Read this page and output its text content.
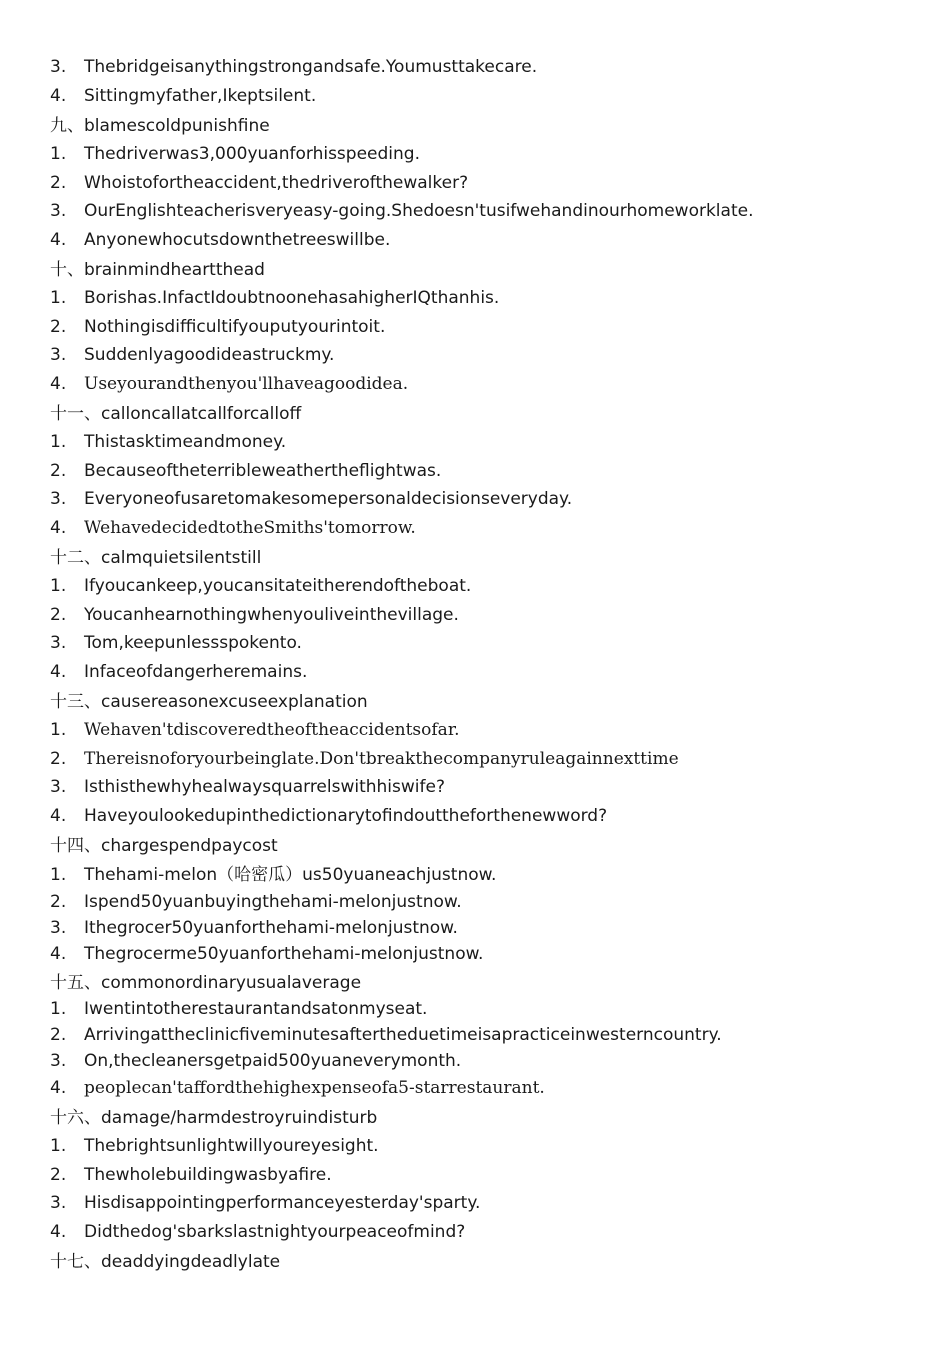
3. Thebridgeisanythingstrongandsafe.Youmusttakecare.
4. Sittingmyfather,Ikeptsilent.
九、blamescoldpunishfine
1. Thedriverwas3,000yuanforhisspeeding.
2. Whoistofortheaccident,thedriverofthewalker?
3. OurEnglishteacherisveryeasy-going.Shedoesn'tusifwehandinourhomeworklate.
4. Anyonewhocutsdownthetreeswillbe.
十、brainmindheartthead
1. Borishas.InfactIdoubtnoonehasahigherIQthanhis.
2. Nothingisdifficultifyouputyourintoit.
3. Suddenlyagoodideastruckmy.
4. Useyourandthenyou'llhaveagoodidea.
十一、calloncallatcallforcalloff
1. Thistasktimeandmoney.
2. Becauseoftheterribleweathertheflightwas.
3. Everyoneofusaretomakesomepersonaldecisionseveryday.
4. WehavedecidedtotheSmiths'tomorrow.
十二、calmquietsilentstill
1. Ifyoucankeep,youcansitateitherendoftheboat.
2. Youcanhearnothingwhenyouliveinthevillage.
3. Tom,keepunlessspokento.
4. Infaceofdangerheremains.
十三、causereasonexcuseexplanation
1. Wehaven'tdiscoveredtheoftheaccidentsofar.
2. Thereisnoforyourbeinglate.Don'tbreakthecompanyruleagainnexttime
3. Isthisthewhyhealwaysquarrelswithhiswife?
4. Haveyoulookedupinthedictionarytofindouttheforthenewword?
十四、chargespendpaycost
1. Thehami-melon（哈密瓜）us50yuaneachjustnow.
2. Ispend50yuanbuyingthehami-melonjustnow.
3. Ithegrocer50yuanforthehami-melonjustnow.
4. Thegrocerme50yuanforthehami-melonjustnow.
十五、commonordinaryusualaverage
1. Iwentintotherestaurantandsatonmyseat.
2. Arrivingattheclinicfiveminutesaftertheduetimeisapracticeinwesterncountry.
3. On,thecleanersgetpaid500yuaneverymonth.
4. peoplecan'taffordthehighexpenseofa5-starrestaurant.
十六、damage/harmdestroyruindisturb
1. Thebrightsunlightwillyoureyesight.
2. Thewholebuildingwasbyafire.
3. Hisdisappointingperformanceyesterday'sparty.
4. Didthedog'sbarkslastnightyourpeaceofmind?
十七、deaddyingdeadlylate
